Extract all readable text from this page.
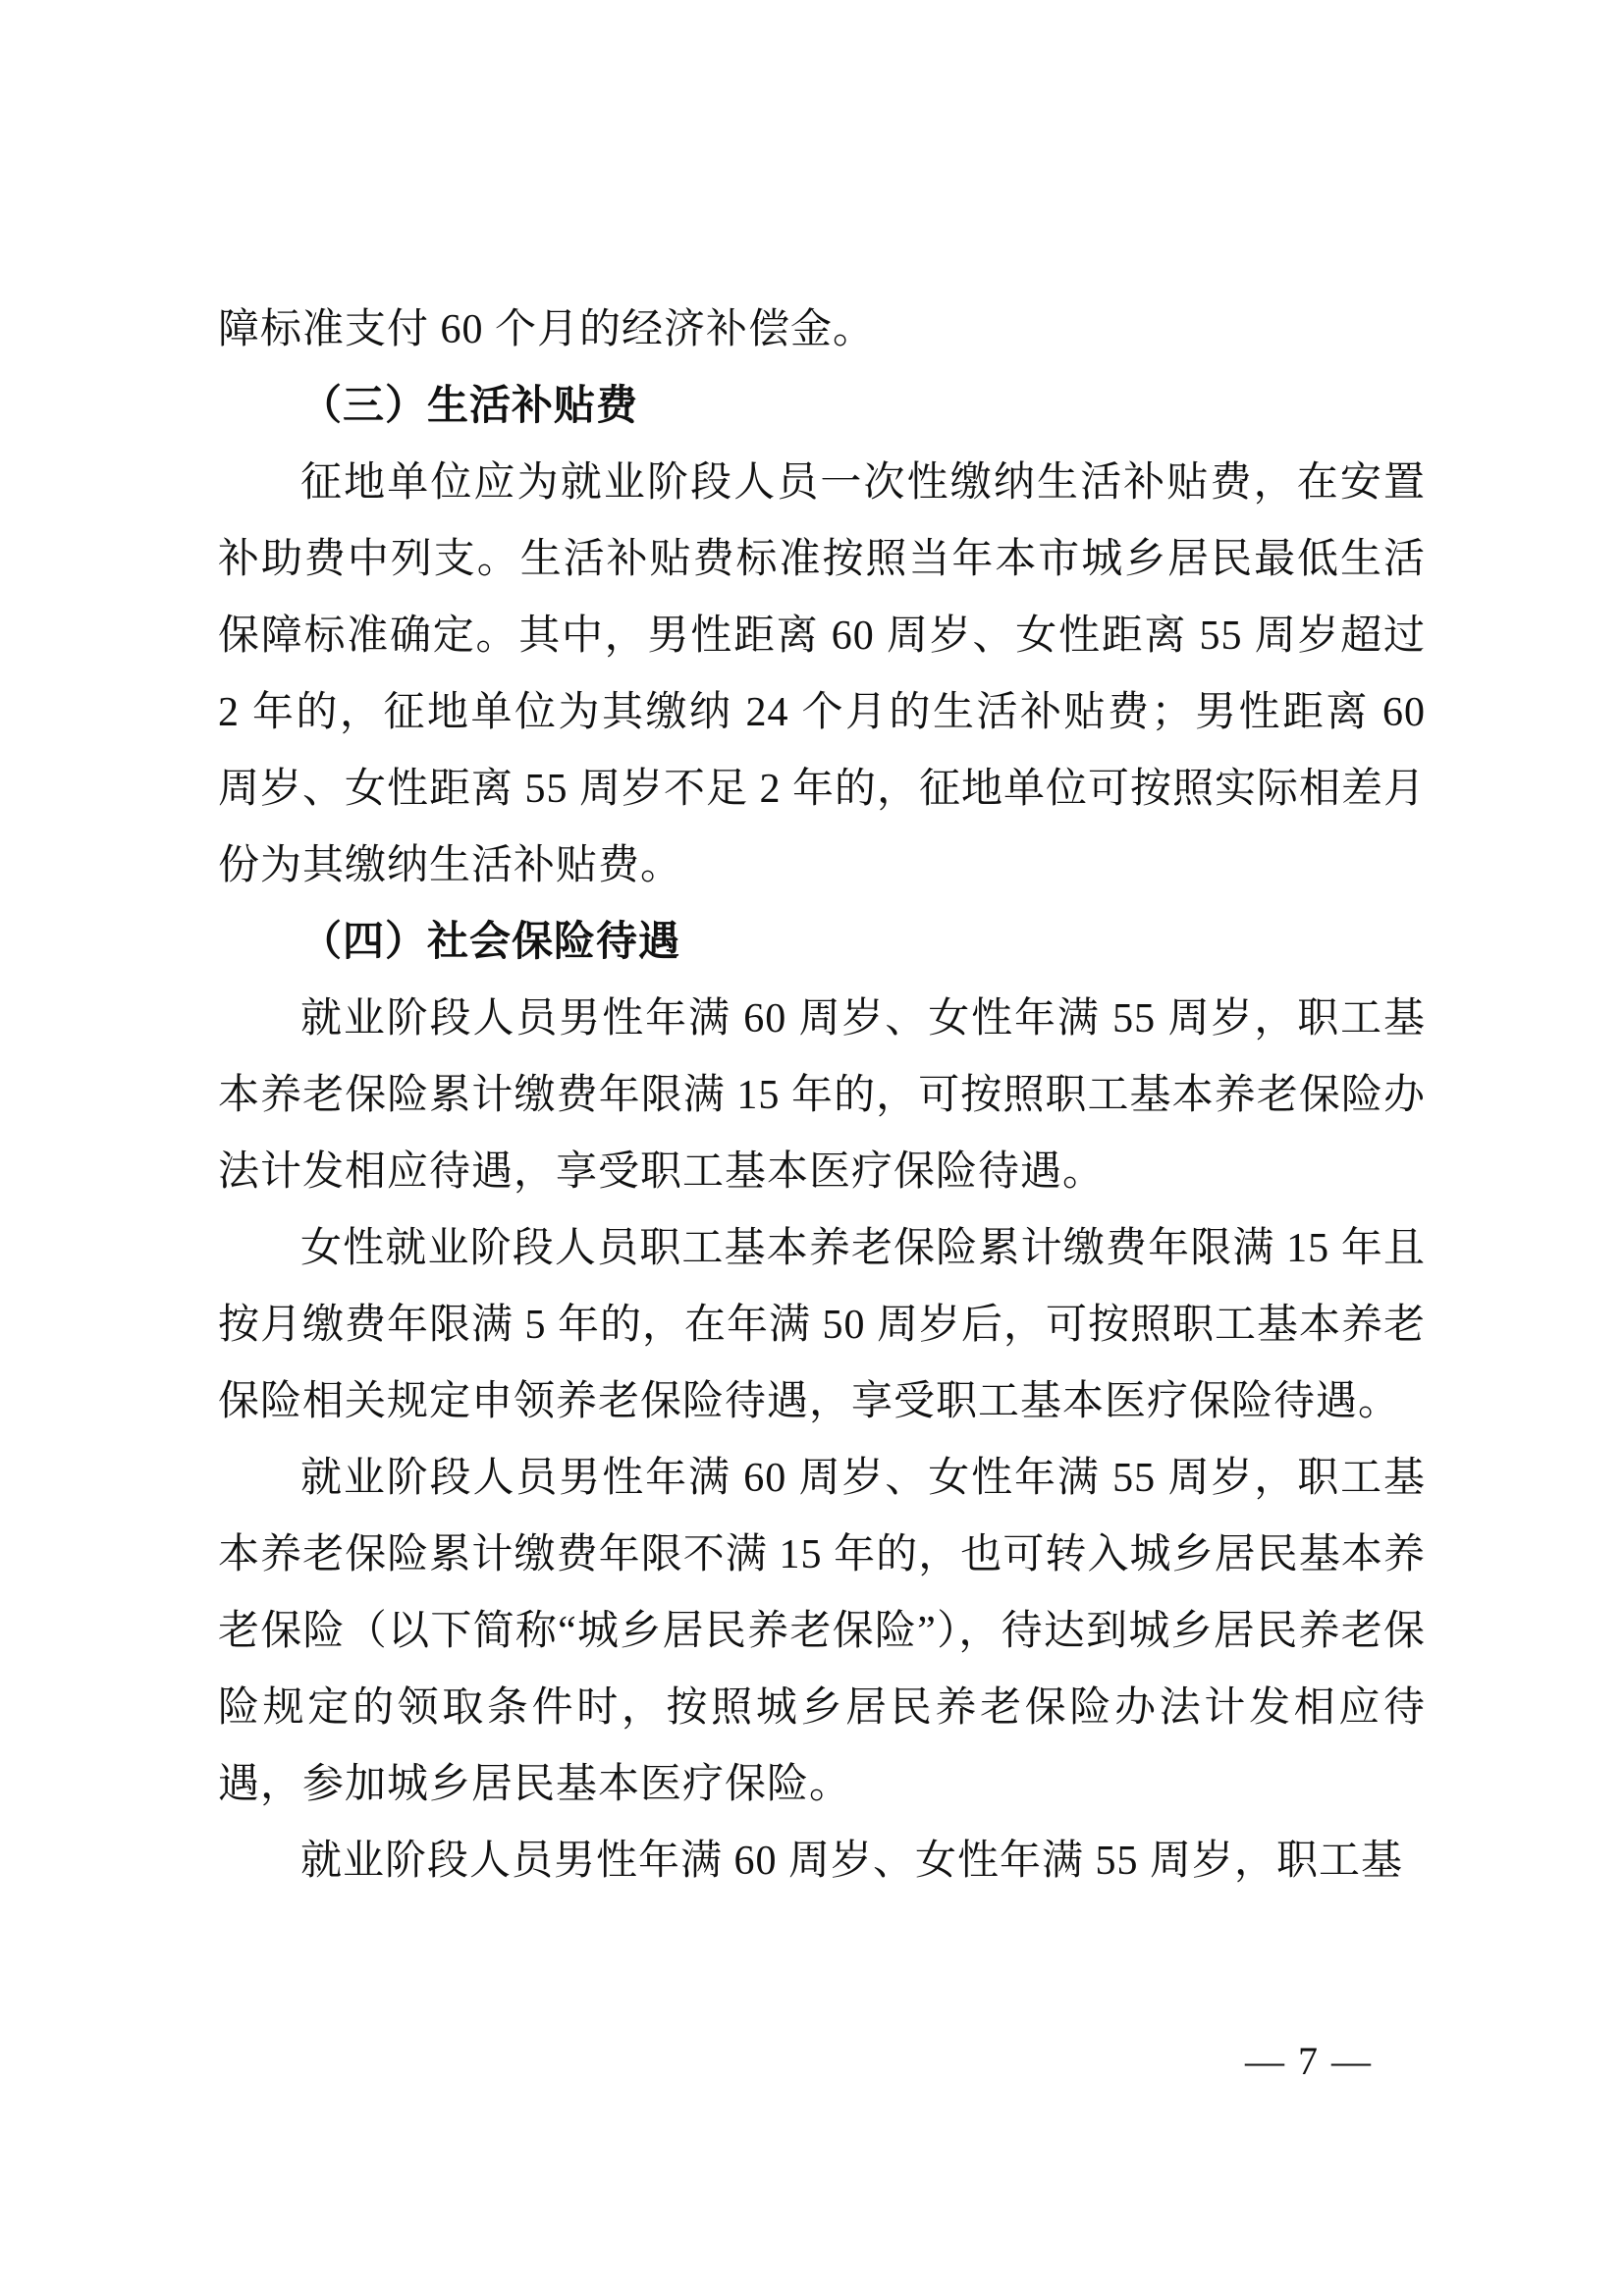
障标准支付 60 个月的经济补偿金。

（三）生活补贴费

征地单位应为就业阶段人员一次性缴纳生活补贴费，在安置补助费中列支。生活补贴费标准按照当年本市城乡居民最低生活保障标准确定。其中，男性距离 60 周岁、女性距离 55 周岁超过 2 年的，征地单位为其缴纳 24 个月的生活补贴费；男性距离 60 周岁、女性距离 55 周岁不足 2 年的，征地单位可按照实际相差月份为其缴纳生活补贴费。

（四）社会保险待遇

就业阶段人员男性年满 60 周岁、女性年满 55 周岁，职工基本养老保险累计缴费年限满 15 年的，可按照职工基本养老保险办法计发相应待遇，享受职工基本医疗保险待遇。

女性就业阶段人员职工基本养老保险累计缴费年限满 15 年且按月缴费年限满 5 年的，在年满 50 周岁后，可按照职工基本养老保险相关规定申领养老保险待遇，享受职工基本医疗保险待遇。

就业阶段人员男性年满 60 周岁、女性年满 55 周岁，职工基本养老保险累计缴费年限不满 15 年的，也可转入城乡居民基本养老保险（以下简称“城乡居民养老保险”），待达到城乡居民养老保险规定的领取条件时，按照城乡居民养老保险办法计发相应待遇，参加城乡居民基本医疗保险。

就业阶段人员男性年满 60 周岁、女性年满 55 周岁，职工基

— 7 —
